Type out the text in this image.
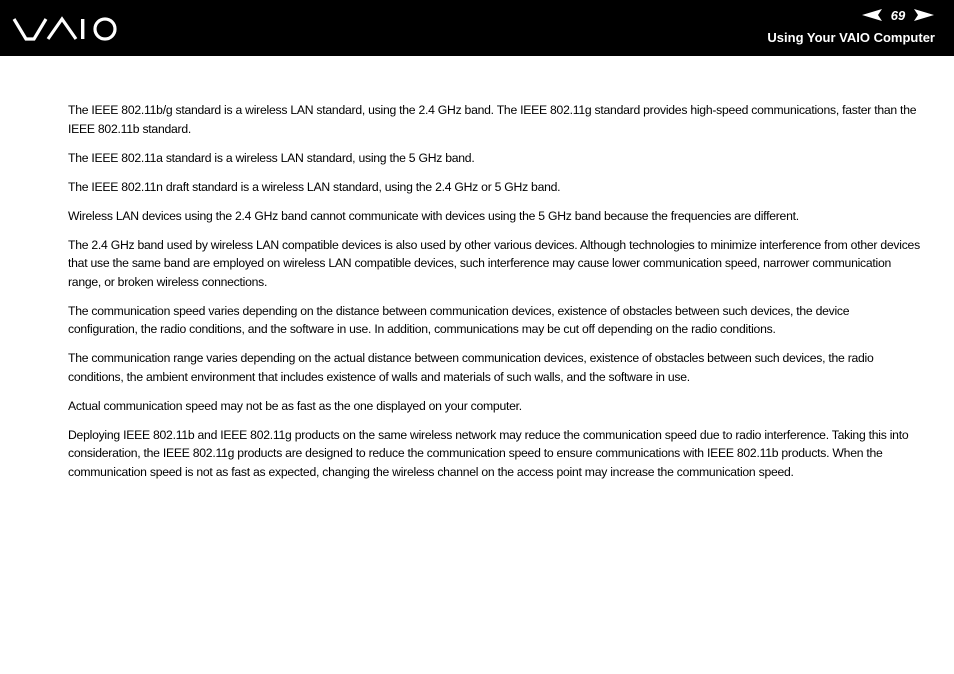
69
Using Your VAIO Computer

The IEEE 802.11b/g standard is a wireless LAN standard, using the 2.4 GHz band. The IEEE 802.11g standard provides high-speed communications, faster than the IEEE 802.11b standard.

The IEEE 802.11a standard is a wireless LAN standard, using the 5 GHz band.

The IEEE 802.11n draft standard is a wireless LAN standard, using the 2.4 GHz or 5 GHz band.

Wireless LAN devices using the 2.4 GHz band cannot communicate with devices using the 5 GHz band because the frequencies are different.

The 2.4 GHz band used by wireless LAN compatible devices is also used by other various devices. Although technologies to minimize interference from other devices that use the same band are employed on wireless LAN compatible devices, such interference may cause lower communication speed, narrower communication range, or broken wireless connections.

The communication speed varies depending on the distance between communication devices, existence of obstacles between such devices, the device configuration, the radio conditions, and the software in use. In addition, communications may be cut off depending on the radio conditions.

The communication range varies depending on the actual distance between communication devices, existence of obstacles between such devices, the radio conditions, the ambient environment that includes existence of walls and materials of such walls, and the software in use.

Actual communication speed may not be as fast as the one displayed on your computer.

Deploying IEEE 802.11b and IEEE 802.11g products on the same wireless network may reduce the communication speed due to radio interference. Taking this into consideration, the IEEE 802.11g products are designed to reduce the communication speed to ensure communications with IEEE 802.11b products. When the communication speed is not as fast as expected, changing the wireless channel on the access point may increase the communication speed.
